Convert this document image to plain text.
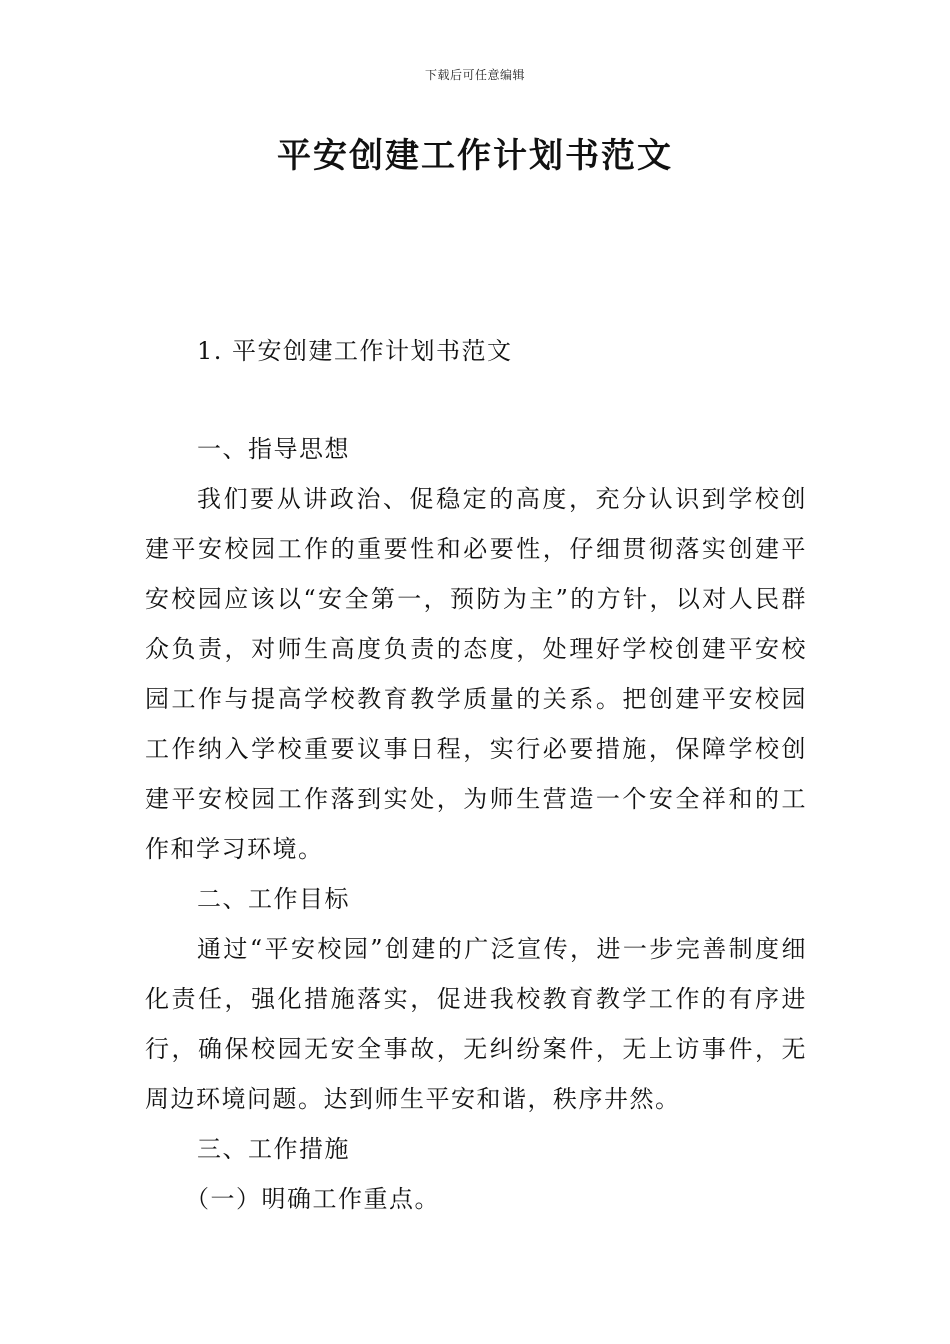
下载后可任意编辑
平安创建工作计划书范文
1. 平安创建工作计划书范文

一、指导思想

我们要从讲政治、促稳定的高度，充分认识到学校创建平安校园工作的重要性和必要性，仔细贯彻落实创建平安校园应该以“安全第一，预防为主”的方针，以对人民群众负责，对师生高度负责的态度，处理好学校创建平安校园工作与提高学校教育教学质量的关系。把创建平安校园工作纳入学校重要议事日程，实行必要措施，保障学校创建平安校园工作落到实处，为师生营造一个安全祥和的工作和学习环境。

二、工作目标

通过“平安校园”创建的广泛宣传，进一步完善制度细化责任，强化措施落实，促进我校教育教学工作的有序进行，确保校园无安全事故，无纠纷案件，无上访事件，无周边环境问题。达到师生平安和谐，秩序井然。

三、工作措施

（一）明确工作重点。
